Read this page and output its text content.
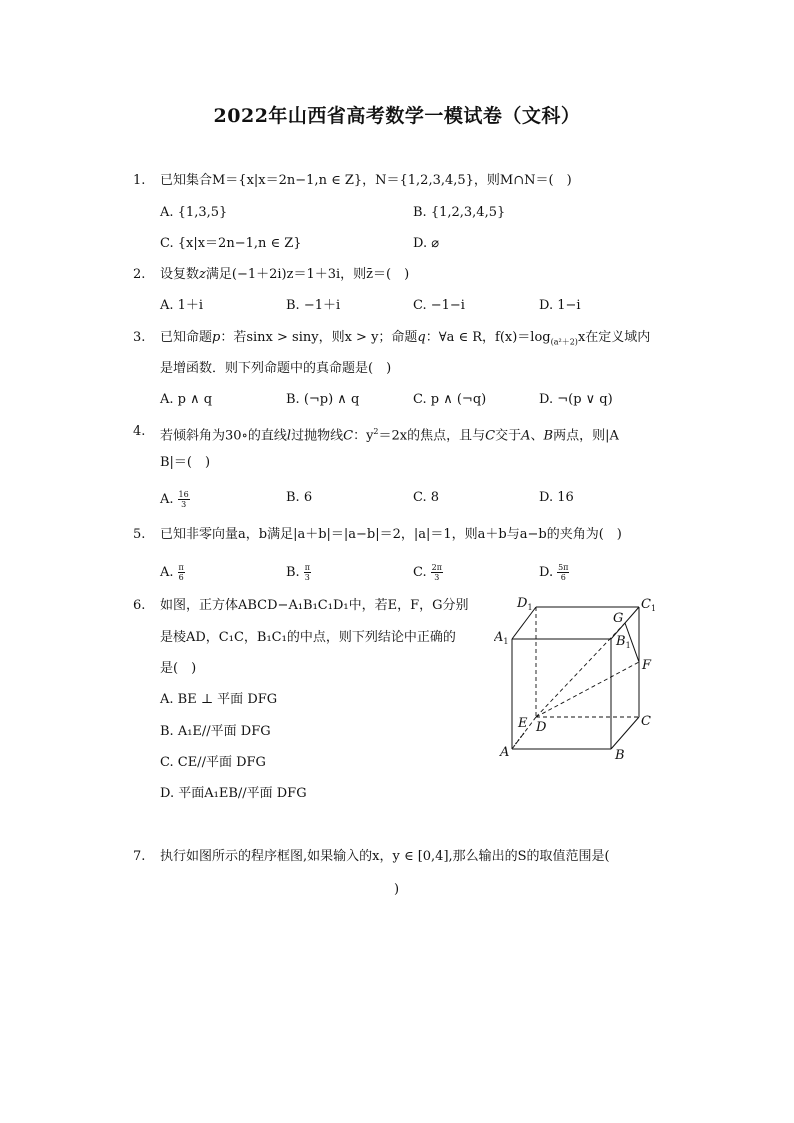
2022年山西省高考数学一模试卷（文科）
1. 已知集合M＝{x|x＝2n−1,n ∈ Z}，N＝{1,2,3,4,5}，则M∩N＝(　)
A. {1,3,5}	B. {1,2,3,4,5}
C. {x|x＝2n−1,n ∈ Z}	D. ⌀
2. 设复数z满足(−1＋2i)z＝1＋3i，则z̄＝(　)
A. 1＋i	B. −1＋i	C. −1−i	D. 1−i
3. 已知命题p：若sinx > siny，则x > y；命题q：∀a ∈ R，$f(x)=\log_{(a^2+2)}x$在定义域内
是增函数．则下列命题中的真命题是(　)
A. p ∧ q	B. (¬p) ∧ q	C. p ∧ (¬q)	D. ¬(p ∨ q)
4. 若倾斜角为30∘的直线l过抛物线C：$y^2=2x$的焦点，且与C交于A、B两点，则|A
B|＝(　)
A. $\frac{16}{3}$	B. 6	C. 8	D. 16
5. 已知非零向量a，b满足|a＋b|＝|a−b|＝2，|a|＝1，则a＋b与a−b的夹角为(　)
A. $\frac{\pi}{6}$	B. $\frac{\pi}{3}$	C. $\frac{2\pi}{3}$	D. $\frac{5\pi}{6}$
6. 如图，正方体ABCD−A₁B₁C₁D₁中，若E，F，G分别
是棱AD，C₁C，B₁C₁的中点，则下列结论中正确的
是(　)
A. BE ⊥ 平面 DFG
B. A₁E//平面 DFG
C. CE//平面 DFG
D. 平面A₁EB//平面 DFG
$D_1$	$C_1$
$A_1$
G
$B_1$
F
E D	C
A	B
7. 执行如图所示的程序框图,如果输入的x，y ∈ [0,4],那么输出的S的取值范围是(
)
